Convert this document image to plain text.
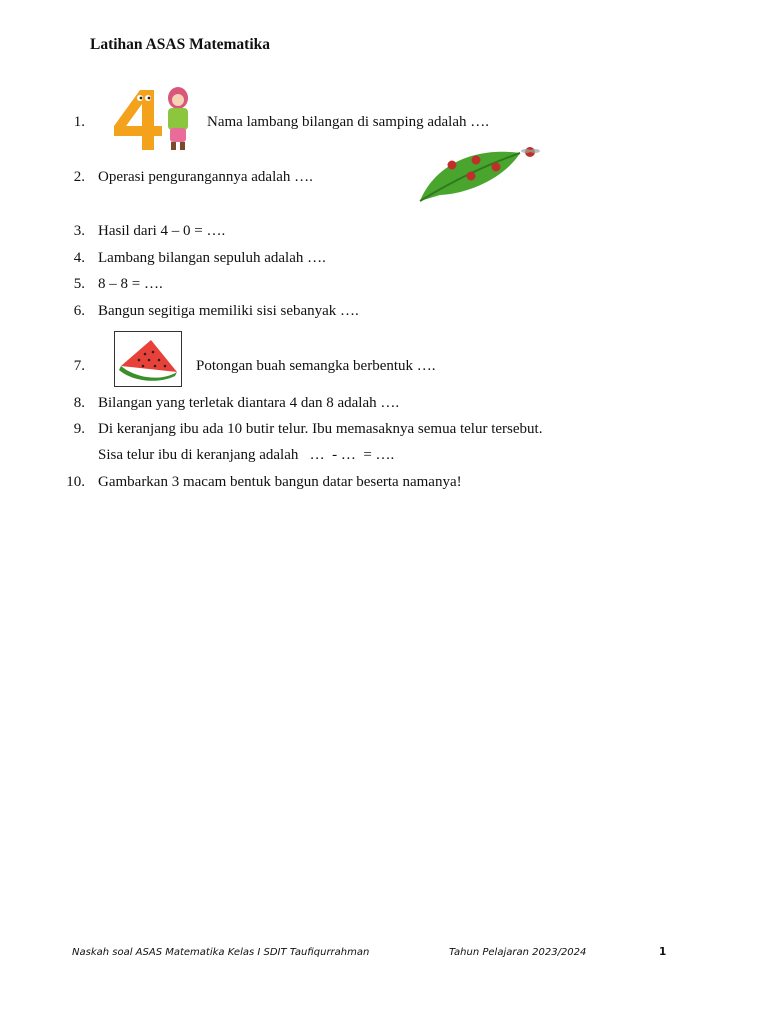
Latihan ASAS Matematika
1.	Nama lambang bilangan di samping adalah ….
2. Operasi pengurangannya adalah ….
3. Hasil dari 4 – 0 = ….
4. Lambang bilangan sepuluh adalah ….
5. 8 – 8 = ….
6. Bangun segitiga memiliki sisi sebanyak ….
7.	Potongan buah semangka berbentuk ….
8. Bilangan yang terletak diantara 4 dan 8 adalah ….
9. Di keranjang ibu ada 10 butir telur. Ibu memasaknya semua telur tersebut.
Sisa telur ibu di keranjang adalah   …  - …  = ….
10. Gambarkan 3 macam bentuk bangun datar beserta namanya!
Naskah soal ASAS Matematika Kelas I SDIT Taufiqurrahman	Tahun Pelajaran 2023/2024	1
